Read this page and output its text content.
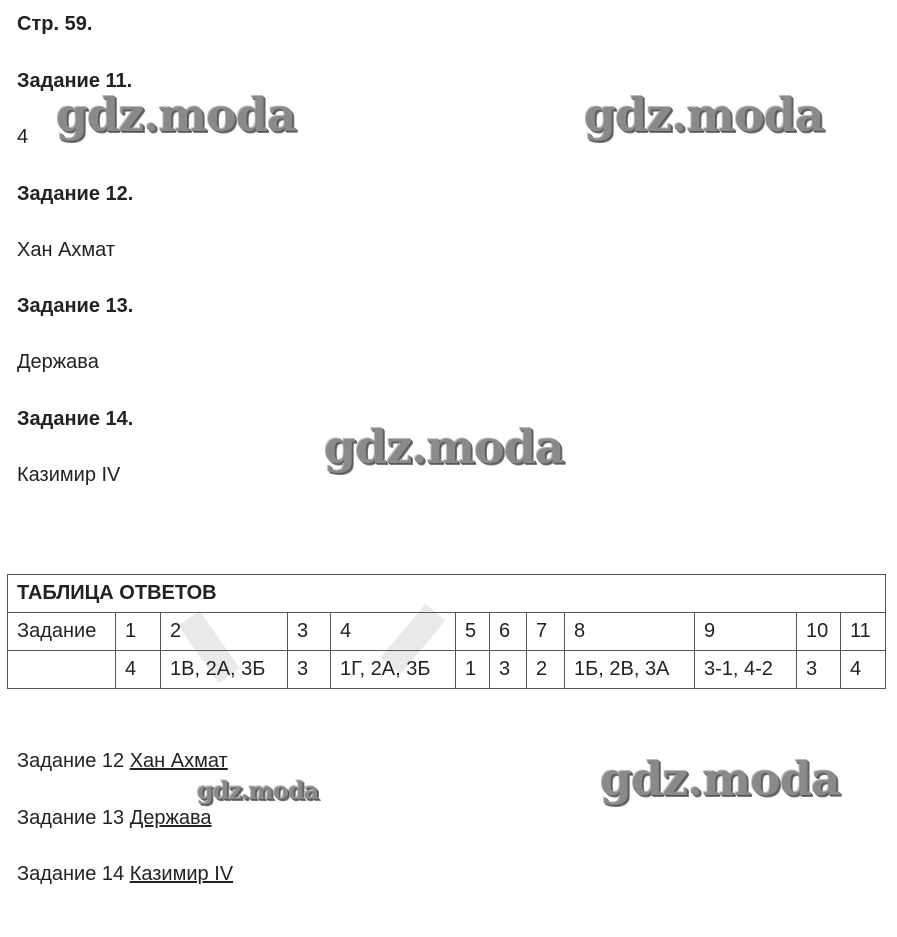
Стр. 59.
Задание 11.
4
Задание 12.
Хан Ахмат
Задание 13.
Держава
Задание 14.
Казимир IV
gdz.moda	gdz.moda
gdz.moda
gdz.moda
gdz.moda
ТАБЛИЦА ОТВЕТОВ											
Задание	1	2	3	4	5	6	7	8	9	10	11
	4	1В, 2А, 3Б	3	1Г, 2А, 3Б	1	3	2	1Б, 2В, 3А	3-1, 4-2	3	4
Задание 12 Хан Ахмат
Задание 13 Держава
Задание 14 Казимир IV
